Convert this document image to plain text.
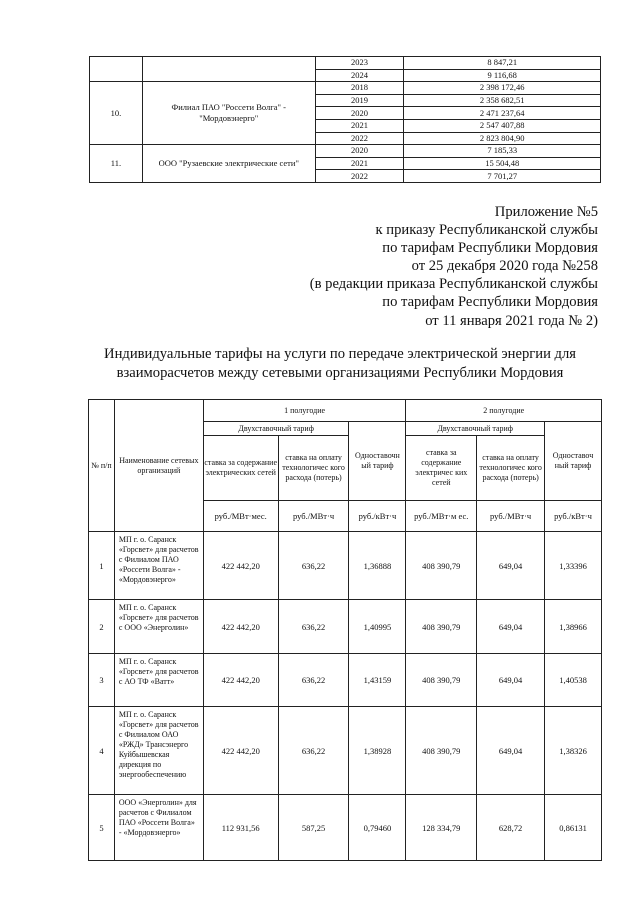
		2023	8 847,21
		2024	9 116,68
10.	Филиал ПАО "Россети Волга" - "Мордовэнерго"	2018	2 398 172,46
		2019	2 358 682,51
		2020	2 471 237,64
		2021	2 547 407,88
		2022	2 823 804,90
11.	ООО "Рузаевские электрические сети"	2020	7 185,33
		2021	15 504,48
		2022	7 701,27
Приложение №5
к приказу Республиканской службы
по тарифам Республики Мордовия
от 25 декабря 2020 года №258
(в редакции приказа Республиканской службы
по тарифам Республики Мордовия
от 11 января 2021 года № 2)
Индивидуальные тарифы на услуги по передаче электрической энергии для
взаиморасчетов между сетевыми организациями Республики Мордовия
№ п/п	Наименование сетевых организаций	1 полугодие			2 полугодие		
		Двухставочный тариф		Одноставочн ый тариф	Двухставочный тариф		Одноставоч ный тариф
		ставка за содержание электрических сетей	ставка на оплату технологичес кого расхода (потерь)		ставка за содержание электричес ких сетей	ставка на оплату технологичес кого расхода (потерь)	
		руб./МВт·мес.	руб./МВт·ч	руб./кВт·ч	руб./МВт·м ес.	руб./МВт·ч	руб./кВт·ч
1	МП г. о. Саранск «Горсвет» для расчетов с Филиалом ПАО «Россети Волга» - «Мордовэнерго»	422 442,20	636,22	1,36888	408 390,79	649,04	1,33396
2	МП г. о. Саранск «Горсвет» для расчетов с ООО «Энерголин»	422 442,20	636,22	1,40995	408 390,79	649,04	1,38966
3	МП г. о. Саранск «Горсвет» для расчетов с АО ТФ «Ватт»	422 442,20	636,22	1,43159	408 390,79	649,04	1,40538
4	МП г. о. Саранск «Горсвет» для расчетов с Филиалом ОАО «РЖД» Трансэнерго Куйбышевская дирекция по энергообеспечению	422 442,20	636,22	1,38928	408 390,79	649,04	1,38326
5	ООО «Энерголин» для расчетов с Филиалом ПАО «Россети Волга» - «Мордовэнерго»	112 931,56	587,25	0,79460	128 334,79	628,72	0,86131
